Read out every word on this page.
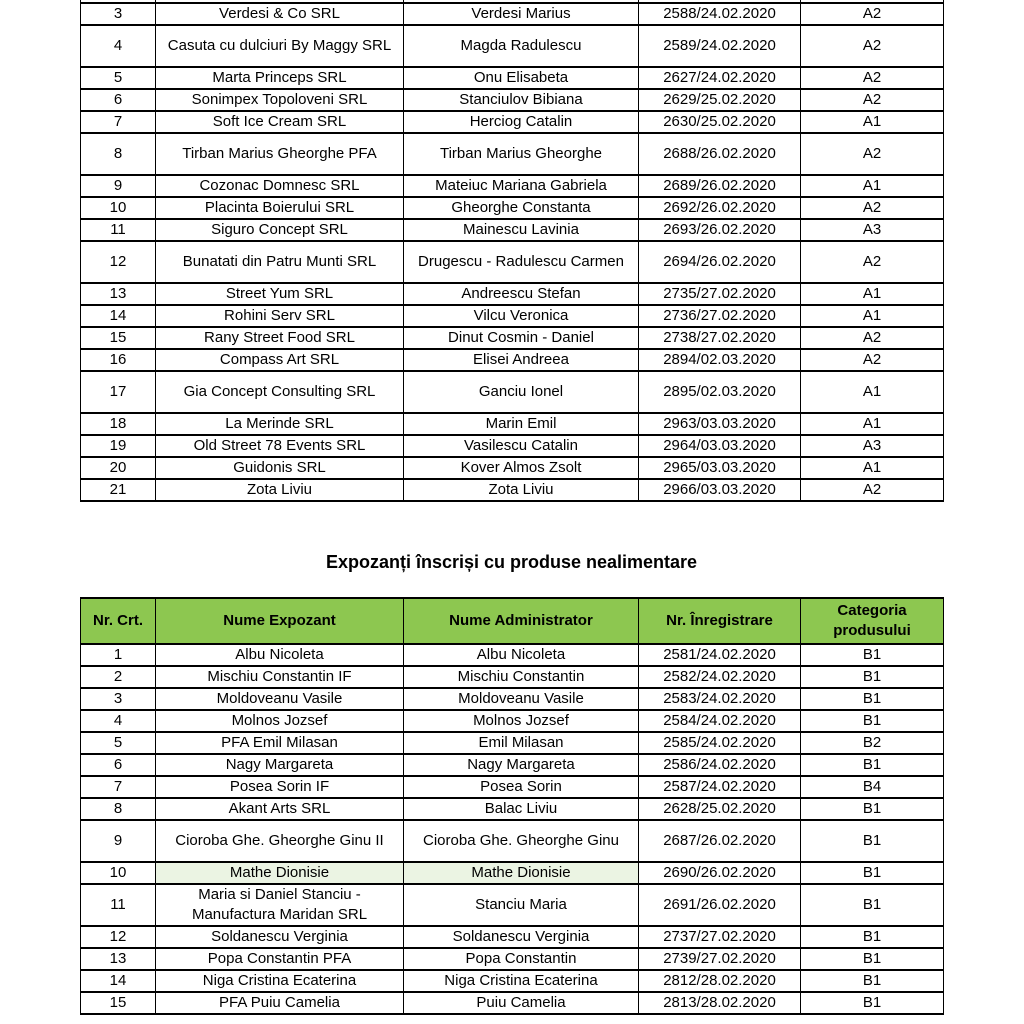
3	Verdesi & Co SRL	Verdesi Marius	2588/24.02.2020	A2
4	Casuta cu dulciuri By Maggy SRL	Magda Radulescu	2589/24.02.2020	A2
5	Marta Princeps SRL	Onu Elisabeta	2627/24.02.2020	A2
6	Sonimpex Topoloveni SRL	Stanciulov Bibiana	2629/25.02.2020	A2
7	Soft Ice Cream SRL	Herciog Catalin	2630/25.02.2020	A1
8	Tirban Marius Gheorghe PFA	Tirban Marius Gheorghe	2688/26.02.2020	A2
9	Cozonac Domnesc SRL	Mateiuc Mariana Gabriela	2689/26.02.2020	A1
10	Placinta Boierului SRL	Gheorghe Constanta	2692/26.02.2020	A2
11	Siguro Concept SRL	Mainescu Lavinia	2693/26.02.2020	A3
12	Bunatati din Patru Munti SRL	Drugescu - Radulescu Carmen	2694/26.02.2020	A2
13	Street Yum SRL	Andreescu Stefan	2735/27.02.2020	A1
14	Rohini Serv SRL	Vilcu Veronica	2736/27.02.2020	A1
15	Rany Street Food SRL	Dinut Cosmin - Daniel	2738/27.02.2020	A2
16	Compass Art SRL	Elisei Andreea	2894/02.03.2020	A2
17	Gia Concept Consulting SRL	Ganciu Ionel	2895/02.03.2020	A1
18	La Merinde SRL	Marin Emil	2963/03.03.2020	A1
19	Old Street 78 Events SRL	Vasilescu Catalin	2964/03.03.2020	A3
20	Guidonis SRL	Kover Almos Zsolt	2965/03.03.2020	A1
21	Zota Liviu	Zota Liviu	2966/03.03.2020	A2
Expozanți înscriși cu produse nealimentare
Nr. Crt.	Nume Expozant	Nume Administrator	Nr. Înregistrare	Categoria produsului
1	Albu Nicoleta	Albu Nicoleta	2581/24.02.2020	B1
2	Mischiu Constantin IF	Mischiu Constantin	2582/24.02.2020	B1
3	Moldoveanu Vasile	Moldoveanu Vasile	2583/24.02.2020	B1
4	Molnos Jozsef	Molnos Jozsef	2584/24.02.2020	B1
5	PFA Emil Milasan	Emil Milasan	2585/24.02.2020	B2
6	Nagy Margareta	Nagy Margareta	2586/24.02.2020	B1
7	Posea Sorin IF	Posea Sorin	2587/24.02.2020	B4
8	Akant Arts SRL	Balac Liviu	2628/25.02.2020	B1
9	Cioroba Ghe. Gheorghe Ginu II	Cioroba Ghe. Gheorghe Ginu	2687/26.02.2020	B1
10	Mathe Dionisie	Mathe Dionisie	2690/26.02.2020	B1
11	Maria si Daniel Stanciu - Manufactura Maridan SRL	Stanciu Maria	2691/26.02.2020	B1
12	Soldanescu Verginia	Soldanescu Verginia	2737/27.02.2020	B1
13	Popa Constantin PFA	Popa Constantin	2739/27.02.2020	B1
14	Niga Cristina Ecaterina	Niga Cristina Ecaterina	2812/28.02.2020	B1
15	PFA Puiu Camelia	Puiu Camelia	2813/28.02.2020	B1
